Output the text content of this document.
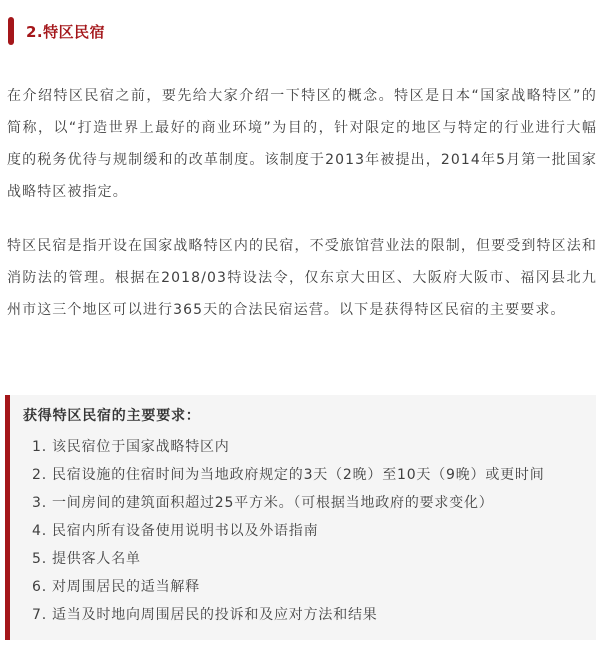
2.特区民宿

在介绍特区民宿之前，要先给大家介绍一下特区的概念。特区是日本“国家战略特区”的简称，以“打造世界上最好的商业环境”为目的，针对限定的地区与特定的行业进行大幅度的税务优待与规制缓和的改革制度。该制度于2013年被提出，2014年5月第一批国家战略特区被指定。

特区民宿是指开设在国家战略特区内的民宿，不受旅馆营业法的限制，但要受到特区法和消防法的管理。根据在2018/03特设法令，仅东京大田区、大阪府大阪市、福冈县北九州市这三个地区可以进行365天的合法民宿运营。以下是获得特区民宿的主要要求。

获得特区民宿的主要要求：
1. 该民宿位于国家战略特区内
2. 民宿设施的住宿时间为当地政府规定的3天（2晚）至10天（9晚）或更时间
3. 一间房间的建筑面积超过25平方米。（可根据当地政府的要求变化）
4. 民宿内所有设备使用说明书以及外语指南
5. 提供客人名单
6. 对周围居民的适当解释
7. 适当及时地向周围居民的投诉和及应对方法和结果
